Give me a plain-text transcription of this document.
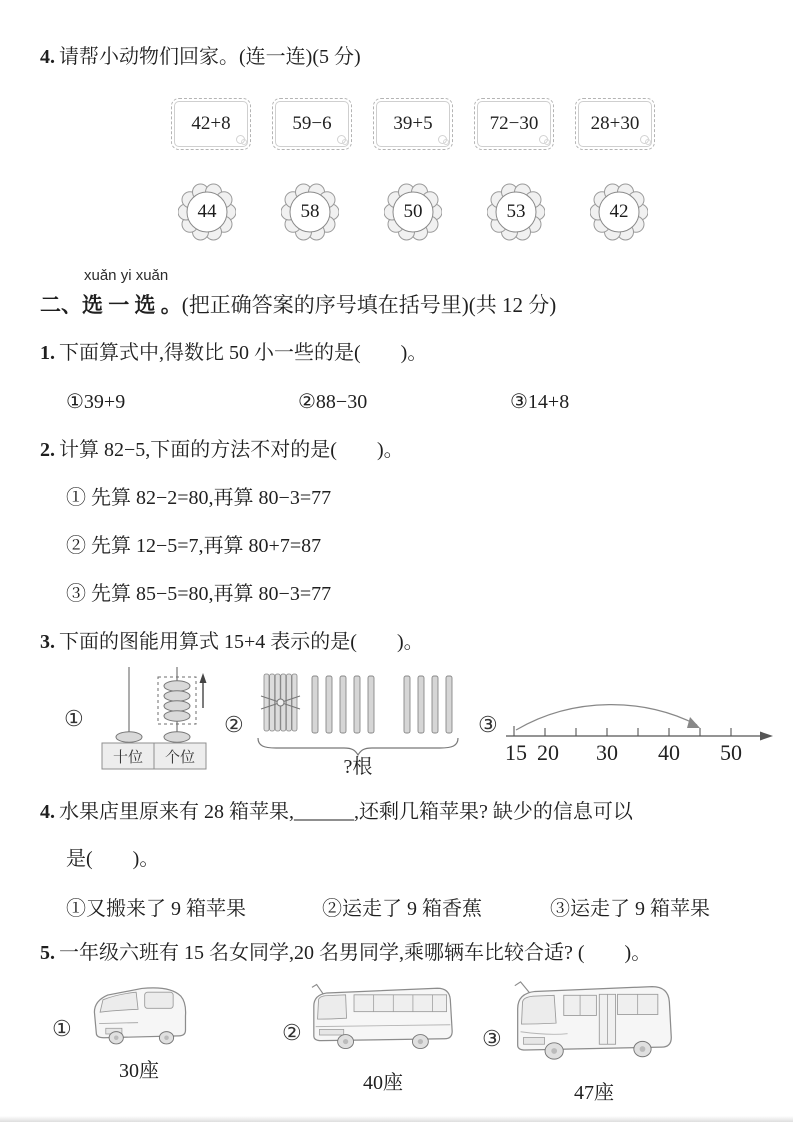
4. 请帮小动物们回家。(连一连)(5 分)
42+8	59−6	39+5	72−30	28+30
44	58	50	53	42
xuǎn yi xuǎn
二、选 一 选 。(把正确答案的序号填在括号里)(共 12 分)
1. 下面算式中,得数比 50 小一些的是(        )。
①39+9	②88−30	③14+8
2. 计算 82−5,下面的方法不对的是(        )。
① 先算 82−2=80,再算 80−3=77
② 先算 12−5=7,再算 80+7=87
③ 先算 85−5=80,再算 80−3=77
3. 下面的图能用算式 15+4 表示的是(        )。
①
十位 个位
②
?根
③
15 20 30 40 50
4. 水果店里原来有 28 箱苹果,______,还剩几箱苹果? 缺少的信息可以
是(        )。
①又搬来了 9 箱苹果	②运走了 9 箱香蕉	③运走了 9 箱苹果
5. 一年级六班有 15 名女同学,20 名男同学,乘哪辆车比较合适? (        )。
①
30座
②
40座
③
47座
